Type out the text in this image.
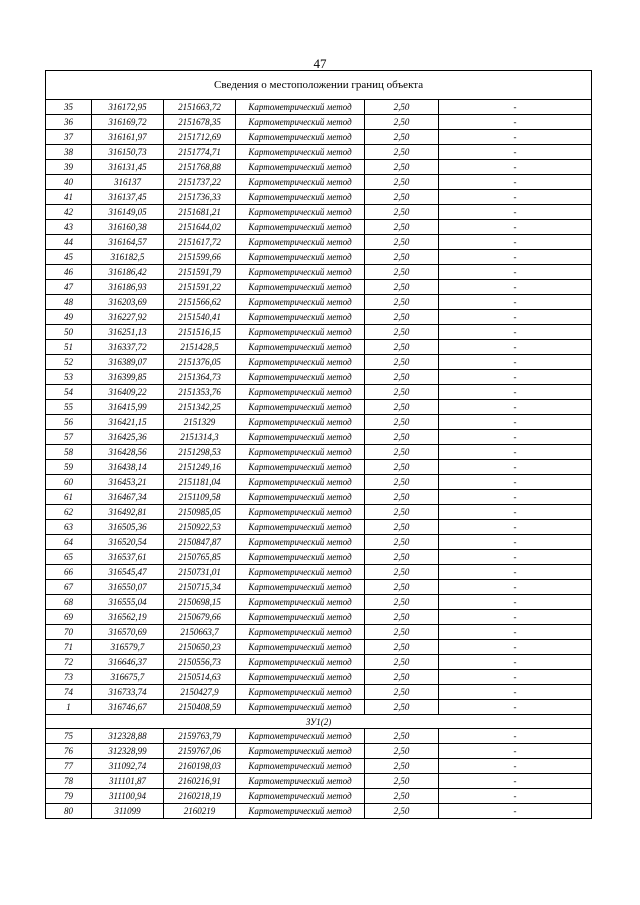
47
Сведения о местоположении границ объекта					
35	316172,95	2151663,72	Картометрический метод	2,50	-
36	316169,72	2151678,35	Картометрический метод	2,50	-
37	316161,97	2151712,69	Картометрический метод	2,50	-
38	316150,73	2151774,71	Картометрический метод	2,50	-
39	316131,45	2151768,88	Картометрический метод	2,50	-
40	316137	2151737,22	Картометрический метод	2,50	-
41	316137,45	2151736,33	Картометрический метод	2,50	-
42	316149,05	2151681,21	Картометрический метод	2,50	-
43	316160,38	2151644,02	Картометрический метод	2,50	-
44	316164,57	2151617,72	Картометрический метод	2,50	-
45	316182,5	2151599,66	Картометрический метод	2,50	-
46	316186,42	2151591,79	Картометрический метод	2,50	-
47	316186,93	2151591,22	Картометрический метод	2,50	-
48	316203,69	2151566,62	Картометрический метод	2,50	-
49	316227,92	2151540,41	Картометрический метод	2,50	-
50	316251,13	2151516,15	Картометрический метод	2,50	-
51	316337,72	2151428,5	Картометрический метод	2,50	-
52	316389,07	2151376,05	Картометрический метод	2,50	-
53	316399,85	2151364,73	Картометрический метод	2,50	-
54	316409,22	2151353,76	Картометрический метод	2,50	-
55	316415,99	2151342,25	Картометрический метод	2,50	-
56	316421,15	2151329	Картометрический метод	2,50	-
57	316425,36	2151314,3	Картометрический метод	2,50	-
58	316428,56	2151298,53	Картометрический метод	2,50	-
59	316438,14	2151249,16	Картометрический метод	2,50	-
60	316453,21	2151181,04	Картометрический метод	2,50	-
61	316467,34	2151109,58	Картометрический метод	2,50	-
62	316492,81	2150985,05	Картометрический метод	2,50	-
63	316505,36	2150922,53	Картометрический метод	2,50	-
64	316520,54	2150847,87	Картометрический метод	2,50	-
65	316537,61	2150765,85	Картометрический метод	2,50	-
66	316545,47	2150731,01	Картометрический метод	2,50	-
67	316550,07	2150715,34	Картометрический метод	2,50	-
68	316555,04	2150698,15	Картометрический метод	2,50	-
69	316562,19	2150679,66	Картометрический метод	2,50	-
70	316570,69	2150663,7	Картометрический метод	2,50	-
71	316579,7	2150650,23	Картометрический метод	2,50	-
72	316646,37	2150556,73	Картометрический метод	2,50	-
73	316675,7	2150514,63	Картометрический метод	2,50	-
74	316733,74	2150427,9	Картометрический метод	2,50	-
1	316746,67	2150408,59	Картометрический метод	2,50	-
ЗУ1(2)					
75	312328,88	2159763,79	Картометрический метод	2,50	-
76	312328,99	2159767,06	Картометрический метод	2,50	-
77	311092,74	2160198,03	Картометрический метод	2,50	-
78	311101,87	2160216,91	Картометрический метод	2,50	-
79	311100,94	2160218,19	Картометрический метод	2,50	-
80	311099	2160219	Картометрический метод	2,50	-
